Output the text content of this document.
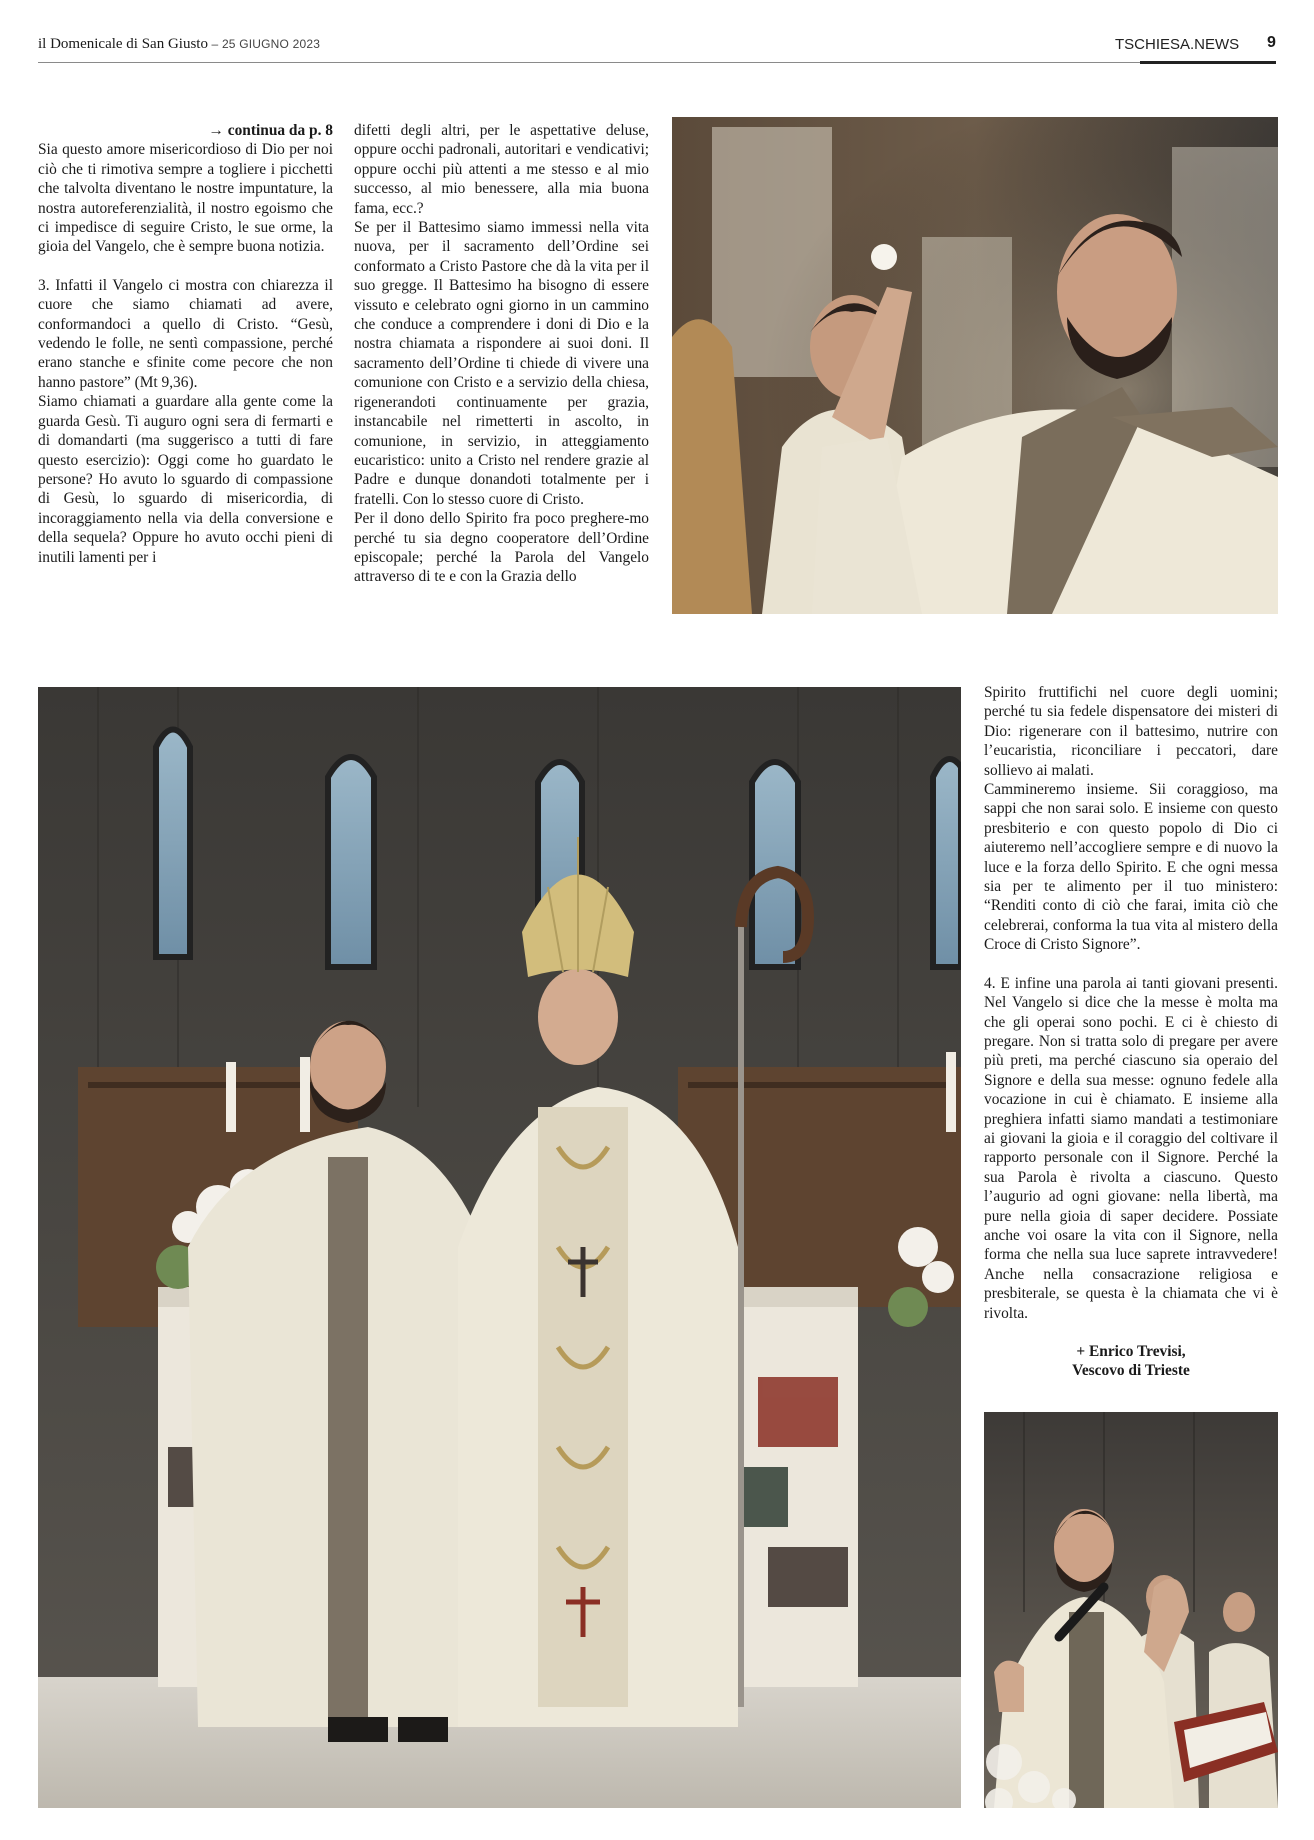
il Domenicale di San Giusto – 25 GIUGNO 2023	TSCHIESA.NEWS 9

→ continua da p. 8

Sia questo amore misericordioso di Dio per noi ciò che ti rimotiva sempre a togliere i picchetti che talvolta diventano le nostre impuntature, la nostra autoreferenzialità, il nostro egoismo che ci impedisce di seguire Cristo, le sue orme, la gioia del Vangelo, che è sempre buona notizia.

3. Infatti il Vangelo ci mostra con chiarezza il cuore che siamo chiamati ad avere, conformandoci a quello di Cristo. “Gesù, vedendo le folle, ne sentì compassione, perché erano stanche e sfinite come pecore che non hanno pastore” (Mt 9,36).

Siamo chiamati a guardare alla gente come la guarda Gesù. Ti auguro ogni sera di fermarti e di domandarti (ma suggerisco a tutti di fare questo esercizio): Oggi come ho guardato le persone? Ho avuto lo sguardo di compassione di Gesù, lo sguardo di misericordia, di incoraggiamento nella via della conversione e della sequela? Oppure ho avuto occhi pieni di inutili lamenti per i

difetti degli altri, per le aspettative deluse, oppure occhi padronali, autoritari e vendicativi; oppure occhi più attenti a me stesso e al mio successo, al mio benessere, alla mia buona fama, ecc.?

Se per il Battesimo siamo immessi nella vita nuova, per il sacramento dell’Ordine sei conformato a Cristo Pastore che dà la vita per il suo gregge. Il Battesimo ha bisogno di essere vissuto e celebrato ogni giorno in un cammino che conduce a comprendere i doni di Dio e la nostra chiamata a rispondere ai suoi doni. Il sacramento dell’Ordine ti chiede di vivere una comunione con Cristo e a servizio della chiesa, rigenerandoti continuamente per grazia, instancabile nel rimetterti in ascolto, in comunione, in servizio, in atteggiamento eucaristico: unito a Cristo nel rendere grazie al Padre e dunque donandoti totalmente per i fratelli. Con lo stesso cuore di Cristo.

Per il dono dello Spirito fra poco preghere-mo perché tu sia degno cooperatore dell’Ordine episcopale; perché la Parola del Vangelo attraverso di te e con la Grazia dello

Spirito fruttifichi nel cuore degli uomini; perché tu sia fedele dispensatore dei misteri di Dio: rigenerare con il battesimo, nutrire con l’eucaristia, riconciliare i peccatori, dare sollievo ai malati.

Cammineremo insieme. Sii coraggioso, ma sappi che non sarai solo. E insieme con questo presbiterio e con questo popolo di Dio ci aiuteremo nell’accogliere sempre e di nuovo la luce e la forza dello Spirito. E che ogni messa sia per te alimento per il tuo ministero: “Renditi conto di ciò che farai, imita ciò che celebrerai, conforma la tua vita al mistero della Croce di Cristo Signore”.

4. E infine una parola ai tanti giovani presenti. Nel Vangelo si dice che la messe è molta ma che gli operai sono pochi. E ci è chiesto di pregare. Non si tratta solo di pregare per avere più preti, ma perché ciascuno sia operaio del Signore e della sua messe: ognuno fedele alla vocazione in cui è chiamato. E insieme alla preghiera infatti siamo mandati a testimoniare ai giovani la gioia e il coraggio del coltivare il rapporto personale con il Signore. Perché la sua Parola è rivolta a ciascuno. Questo l’augurio ad ogni giovane: nella libertà, ma pure nella gioia di saper decidere. Possiate anche voi osare la vita con il Signore, nella forma che nella sua luce saprete intravvedere! Anche nella consacrazione religiosa e presbiterale, se questa è la chiamata che vi è rivolta.

+ Enrico Trevisi,
Vescovo di Trieste
